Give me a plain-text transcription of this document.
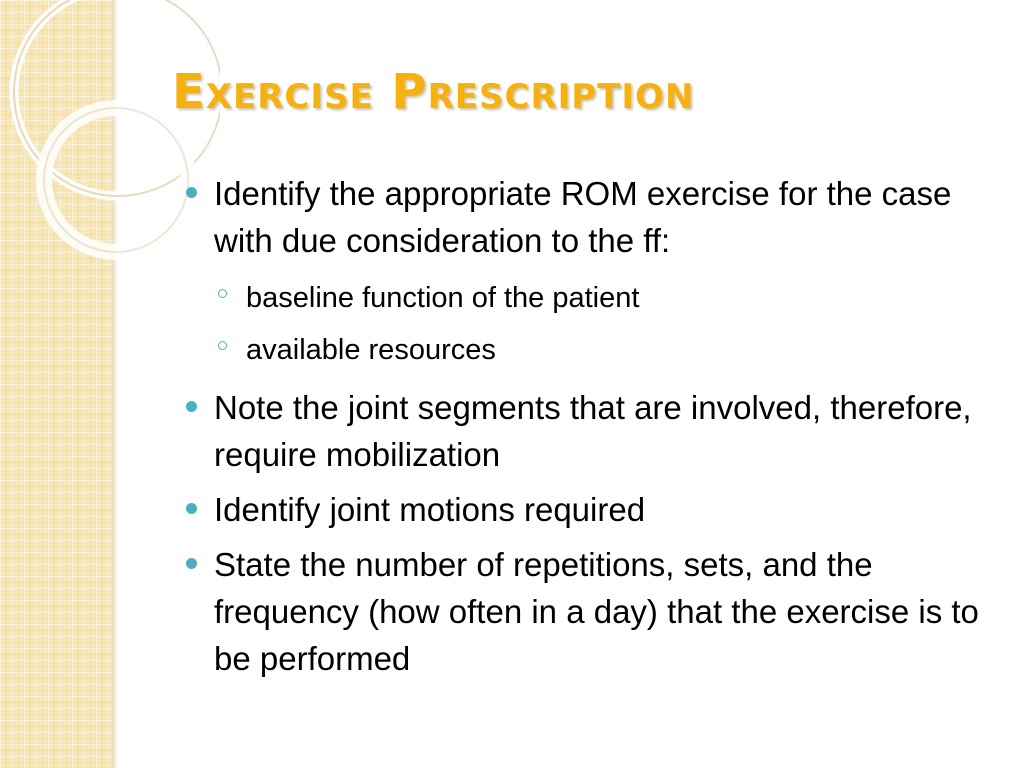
Exercise Prescription
Identify the appropriate ROM exercise for the case with due consideration to the ff:
baseline function of the patient
available resources
Note the joint segments that are involved, therefore, require mobilization
Identify joint motions required
State the number of repetitions, sets, and the frequency (how often in a day) that the exercise is to be performed
